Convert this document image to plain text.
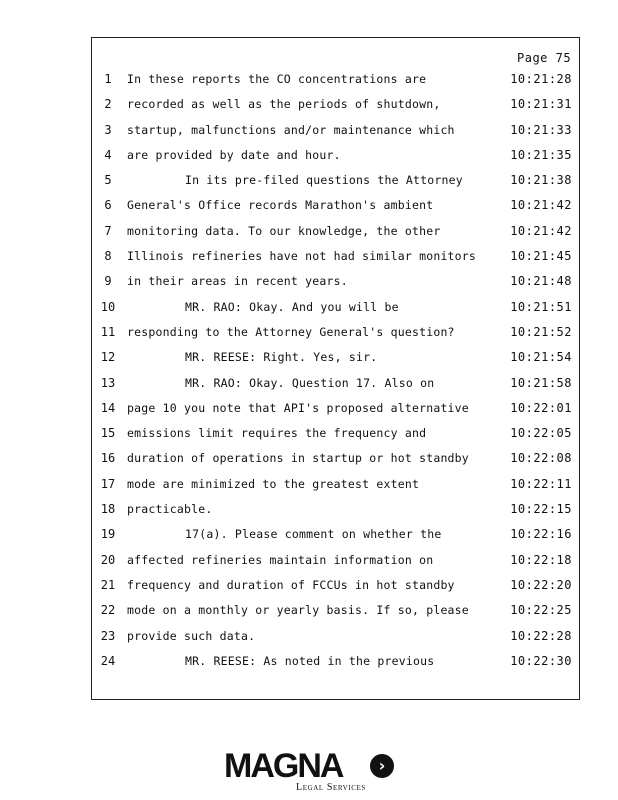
Page 75
1	In these reports the CO concentrations are	10:21:28
2	recorded as well as the periods of shutdown,	10:21:31
3	startup, malfunctions and/or maintenance which	10:21:33
4	are provided by date and hour.	10:21:35
5	In its pre-filed questions the Attorney	10:21:38
6	General's Office records Marathon's ambient	10:21:42
7	monitoring data. To our knowledge, the other	10:21:42
8	Illinois refineries have not had similar monitors	10:21:45
9	in their areas in recent years.	10:21:48
10	MR. RAO: Okay. And you will be	10:21:51
11 responding to the Attorney General's question?	10:21:52
12	MR. REESE: Right. Yes, sir.	10:21:54
13	MR. RAO: Okay. Question 17. Also on	10:21:58
14 page 10 you note that API's proposed alternative	10:22:01
15 emissions limit requires the frequency and	10:22:05
16 duration of operations in startup or hot standby	10:22:08
17 mode are minimized to the greatest extent	10:22:11
18 practicable.	10:22:15
19	17(a). Please comment on whether the	10:22:16
20 affected refineries maintain information on	10:22:18
21 frequency and duration of FCCUs in hot standby	10:22:20
22 mode on a monthly or yearly basis. If so, please	10:22:25
23 provide such data.	10:22:28
24	MR. REESE: As noted in the previous	10:22:30
MAGNA	›
Legal Services
